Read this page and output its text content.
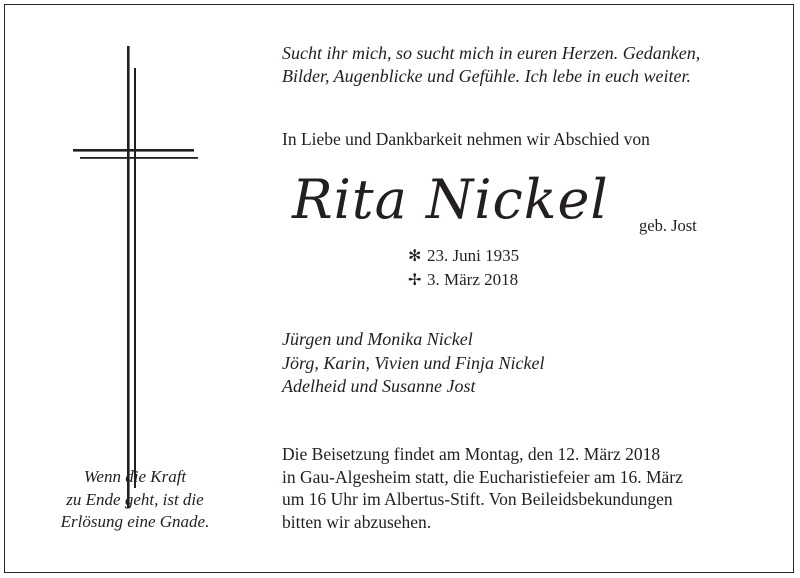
Wenn die Kraft
zu Ende geht, ist die
Erlösung eine Gnade.
Sucht ihr mich, so sucht mich in euren Herzen. Gedanken,
Bilder, Augenblicke und Gefühle. Ich lebe in euch weiter.
In Liebe und Dankbarkeit nehmen wir Abschied von
Rita Nickel geb. Jost
✻ 23. Juni 1935
✢ 3. März 2018
Jürgen und Monika Nickel
Jörg, Karin, Vivien und Finja Nickel
Adelheid und Susanne Jost
Die Beisetzung findet am Montag, den 12. März 2018
in Gau-Algesheim statt, die Eucharistiefeier am 16. März
um 16 Uhr im Albertus-Stift. Von Beileidsbekundungen
bitten wir abzusehen.
